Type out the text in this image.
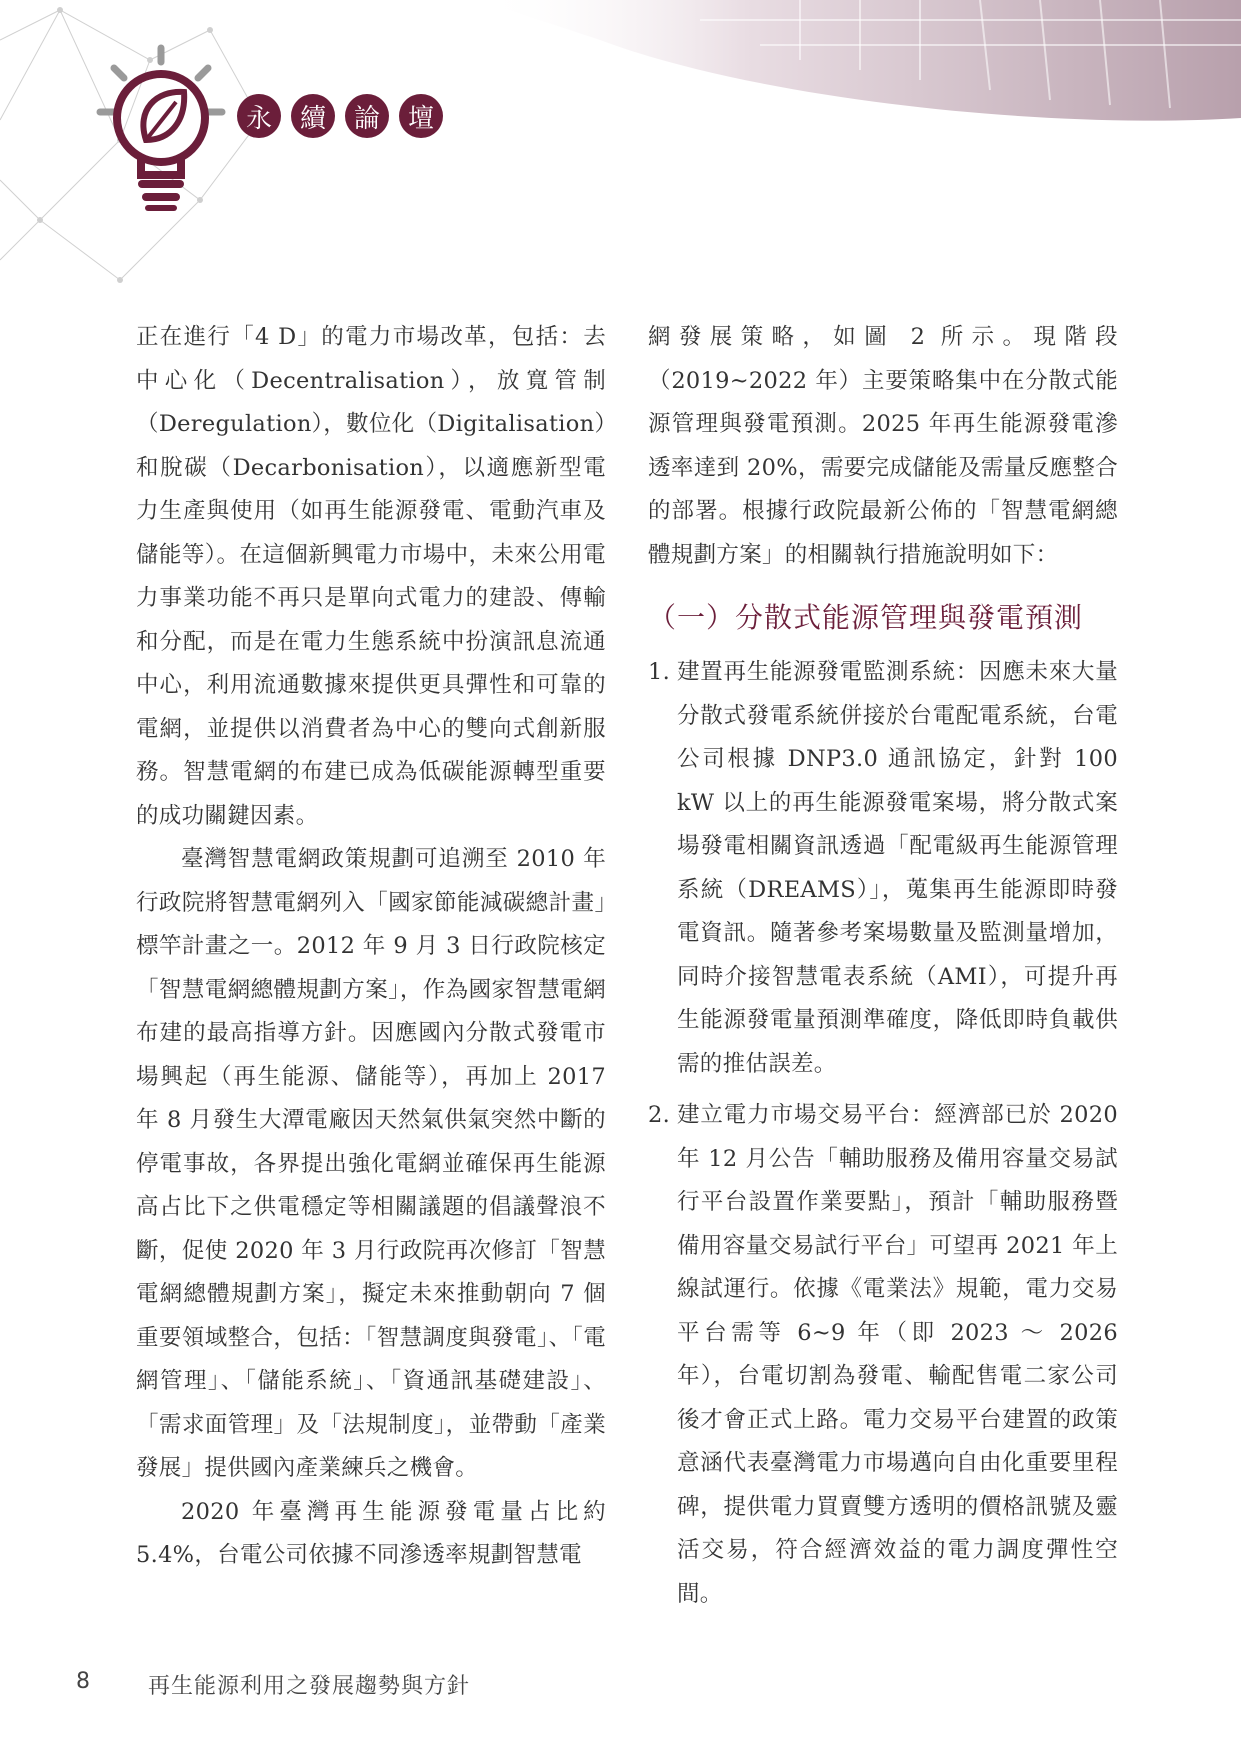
永	續	論	壇

正在進行「4 D」的電力市場改革，包括：去中心化（Decentralisation），放寬管制（Deregulation），數位化（Digitalisation）和脫碳（Decarbonisation），以適應新型電力生產與使用（如再生能源發電、電動汽車及儲能等）。在這個新興電力市場中，未來公用電力事業功能不再只是單向式電力的建設、傳輸和分配，而是在電力生態系統中扮演訊息流通中心，利用流通數據來提供更具彈性和可靠的電網，並提供以消費者為中心的雙向式創新服務。智慧電網的布建已成為低碳能源轉型重要的成功關鍵因素。

臺灣智慧電網政策規劃可追溯至 2010 年行政院將智慧電網列入「國家節能減碳總計畫」標竿計畫之一。2012 年 9 月 3 日行政院核定「智慧電網總體規劃方案」，作為國家智慧電網布建的最高指導方針。因應國內分散式發電市場興起（再生能源、儲能等），再加上 2017 年 8 月發生大潭電廠因天然氣供氣突然中斷的停電事故，各界提出強化電網並確保再生能源高占比下之供電穩定等相關議題的倡議聲浪不斷，促使 2020 年 3 月行政院再次修訂「智慧電網總體規劃方案」，擬定未來推動朝向 7 個重要領域整合，包括：「智慧調度與發電」、「電網管理」、「儲能系統」、「資通訊基礎建設」、「需求面管理」及「法規制度」，並帶動「產業發展」提供國內產業練兵之機會。

2020 年臺灣再生能源發電量占比約 5.4%，台電公司依據不同滲透率規劃智慧電

網發展策略，如圖 2 所示。現階段（2019~2022 年）主要策略集中在分散式能源管理與發電預測。2025 年再生能源發電滲透率達到 20%，需要完成儲能及需量反應整合的部署。根據行政院最新公佈的「智慧電網總體規劃方案」的相關執行措施說明如下：

（一）分散式能源管理與發電預測
1. 建置再生能源發電監測系統：因應未來大量分散式發電系統併接於台電配電系統，台電公司根據 DNP3.0 通訊協定，針對 100 kW 以上的再生能源發電案場，將分散式案場發電相關資訊透過「配電級再生能源管理系統（DREAMS）」，蒐集再生能源即時發電資訊。隨著參考案場數量及監測量增加，同時介接智慧電表系統（AMI），可提升再生能源發電量預測準確度，降低即時負載供需的推估誤差。
2. 建立電力市場交易平台：經濟部已於 2020 年 12 月公告「輔助服務及備用容量交易試行平台設置作業要點」，預計「輔助服務暨備用容量交易試行平台」可望再 2021 年上線試運行。依據《電業法》規範，電力交易平台需等 6~9 年（即 2023 ～ 2026 年），台電切割為發電、輸配售電二家公司後才會正式上路。電力交易平台建置的政策意涵代表臺灣電力市場邁向自由化重要里程碑，提供電力買賣雙方透明的價格訊號及靈活交易，符合經濟效益的電力調度彈性空間。
8	再生能源利用之發展趨勢與方針
